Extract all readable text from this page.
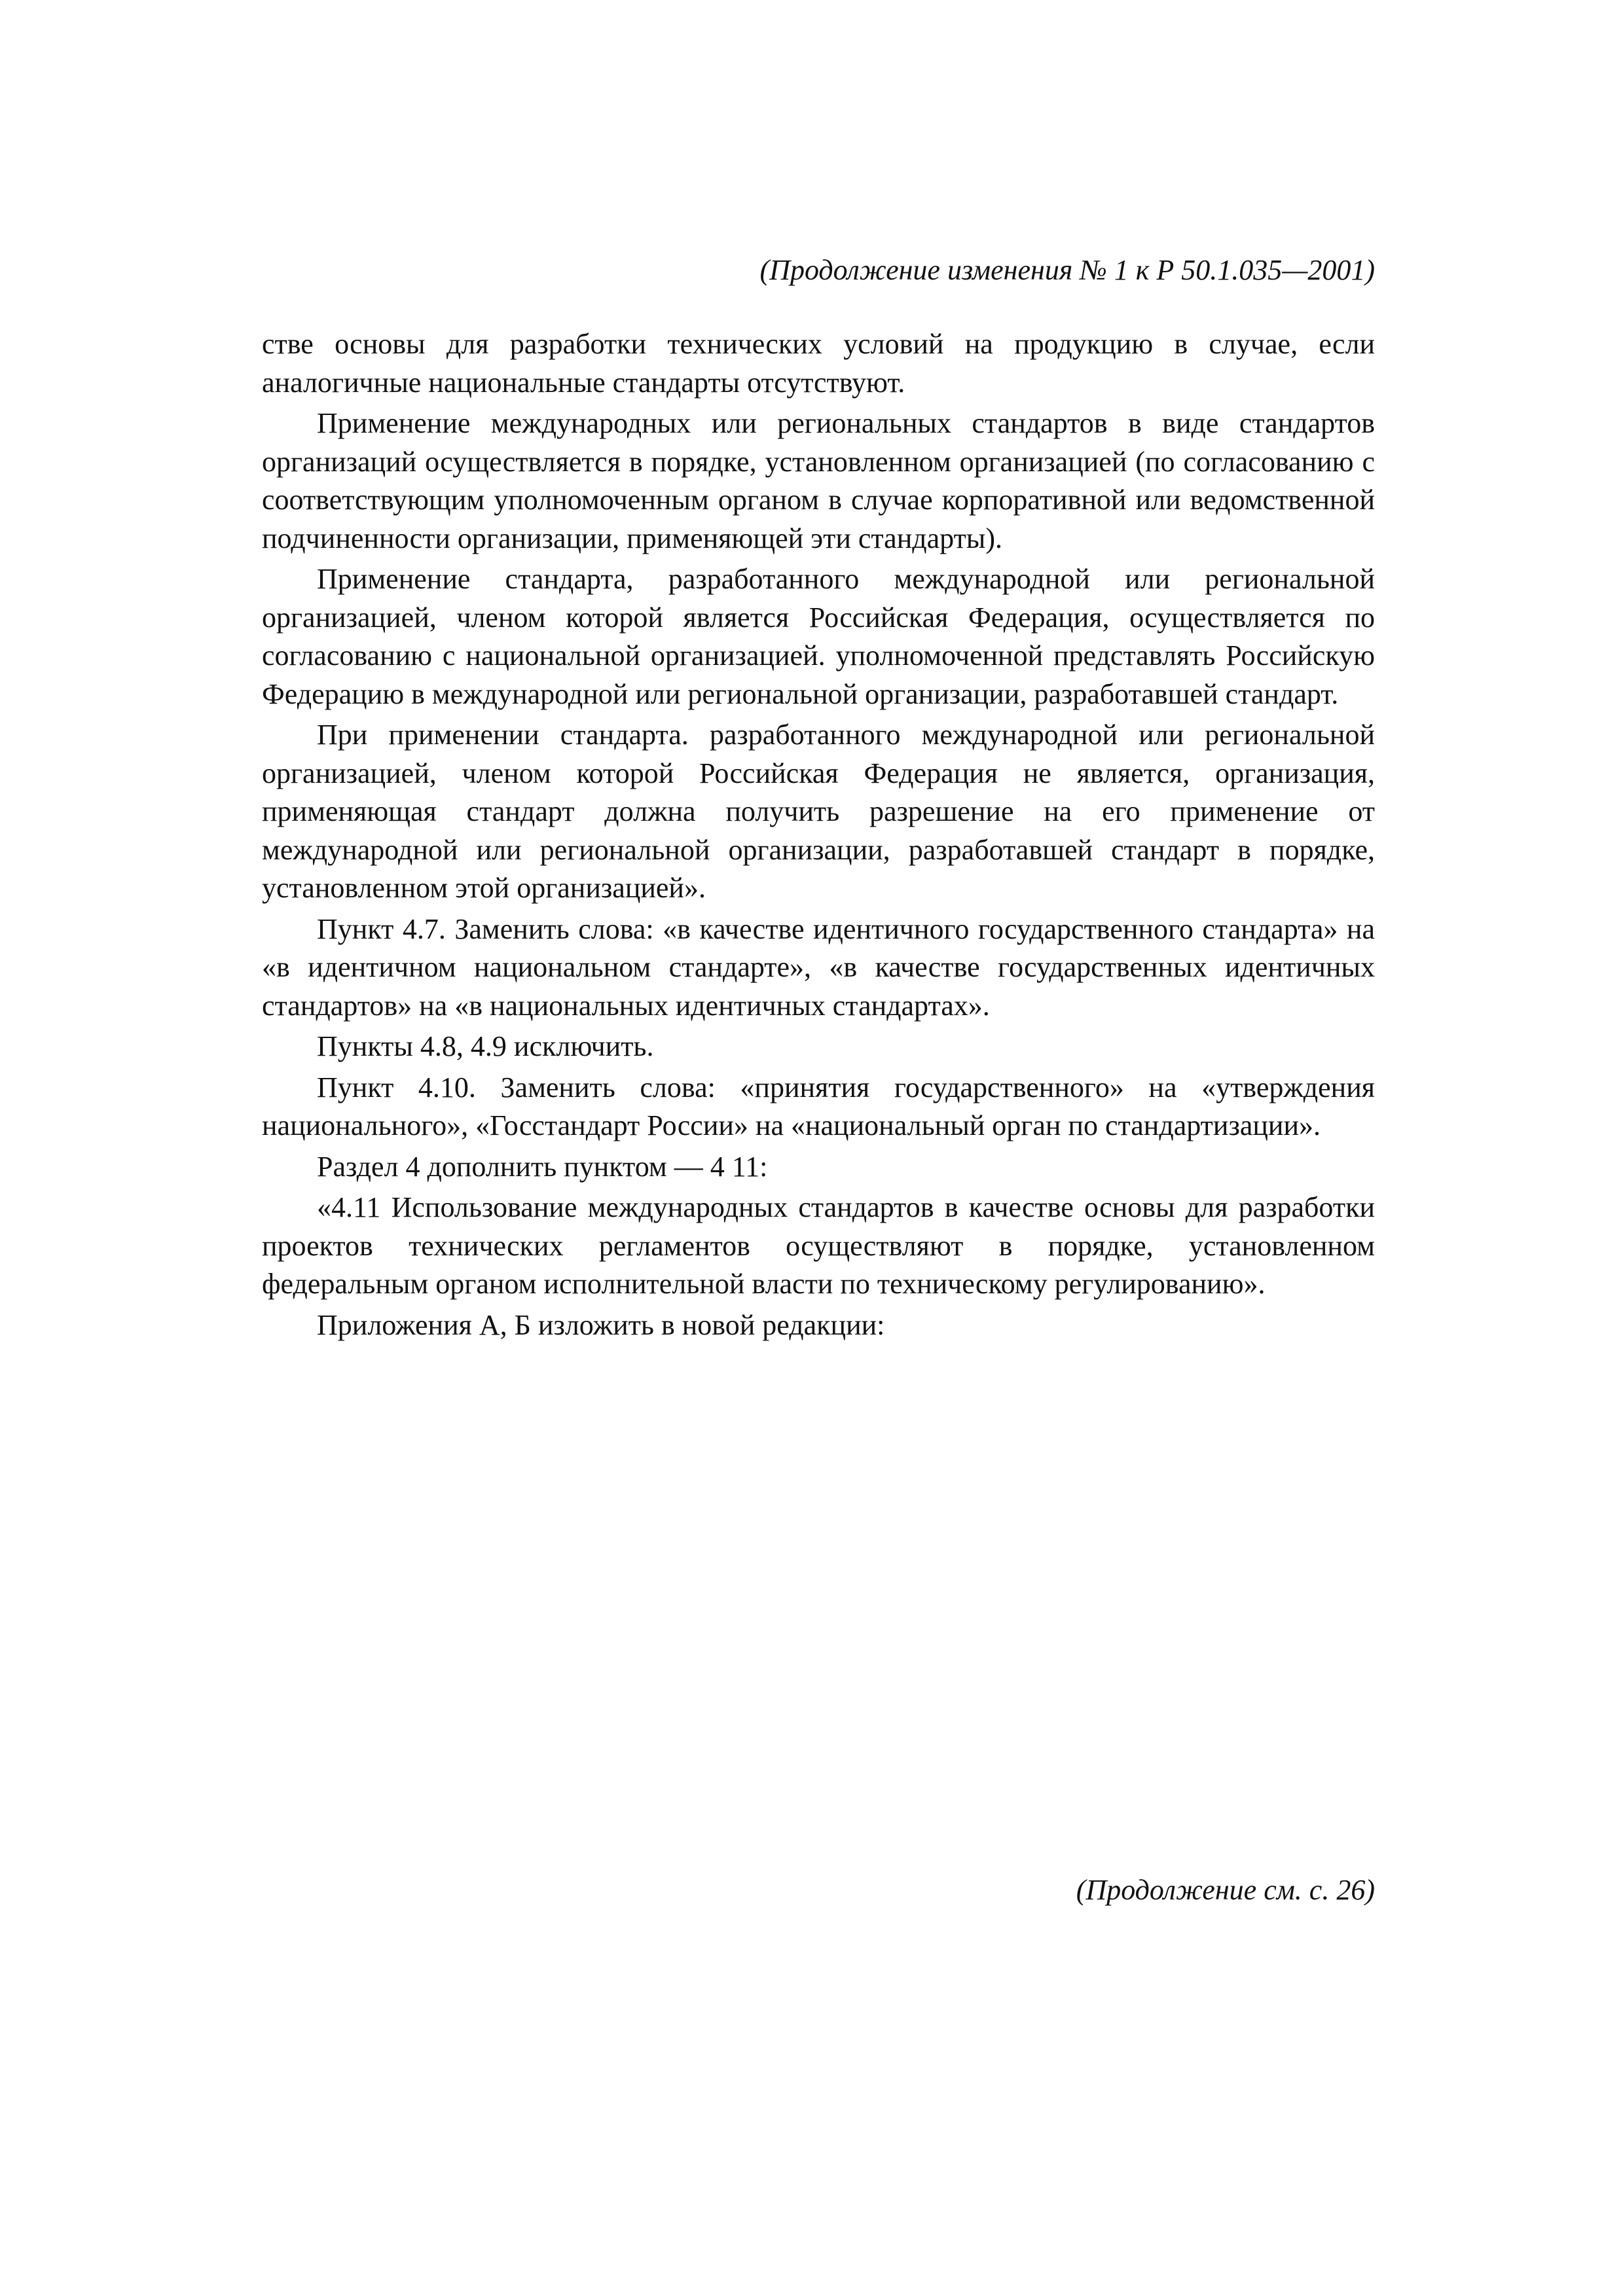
(Продолжение изменения № 1 к Р 50.1.035—2001)

стве основы для разработки технических условий на продукцию в случае, если аналогичные национальные стандарты отсутствуют.

Применение международных или региональных стандартов в виде стандартов организаций осуществляется в порядке, установленном организацией (по согласованию с соответствующим уполномоченным органом в случае корпоративной или ведомственной подчиненности организации, применяющей эти стандарты).

Применение стандарта, разработанного международной или региональной организацией, членом которой является Российская Федерация, осуществляется по согласованию с национальной организацией. уполномоченной представлять Российскую Федерацию в международной или региональной организации, разработавшей стандарт.

При применении стандарта. разработанного международной или региональной организацией, членом которой Российская Федерация не является, организация, применяющая стандарт должна получить разрешение на его применение от международной или региональной организации, разработавшей стандарт в порядке, установленном этой организацией».

Пункт 4.7. Заменить слова: «в качестве идентичного государственного стандарта» на «в идентичном национальном стандарте», «в качестве государственных идентичных стандартов» на «в национальных идентичных стандартах».

Пункты 4.8, 4.9 исключить.

Пункт 4.10. Заменить слова: «принятия государственного» на «утверждения национального», «Госстандарт России» на «национальный орган по стандартизации».

Раздел 4 дополнить пунктом — 4 11:

«4.11 Использование международных стандартов в качестве основы для разработки проектов технических регламентов осуществляют в порядке, установленном федеральным органом исполнительной власти по техническому регулированию».

Приложения А, Б изложить в новой редакции:

(Продолжение см. с. 26)
